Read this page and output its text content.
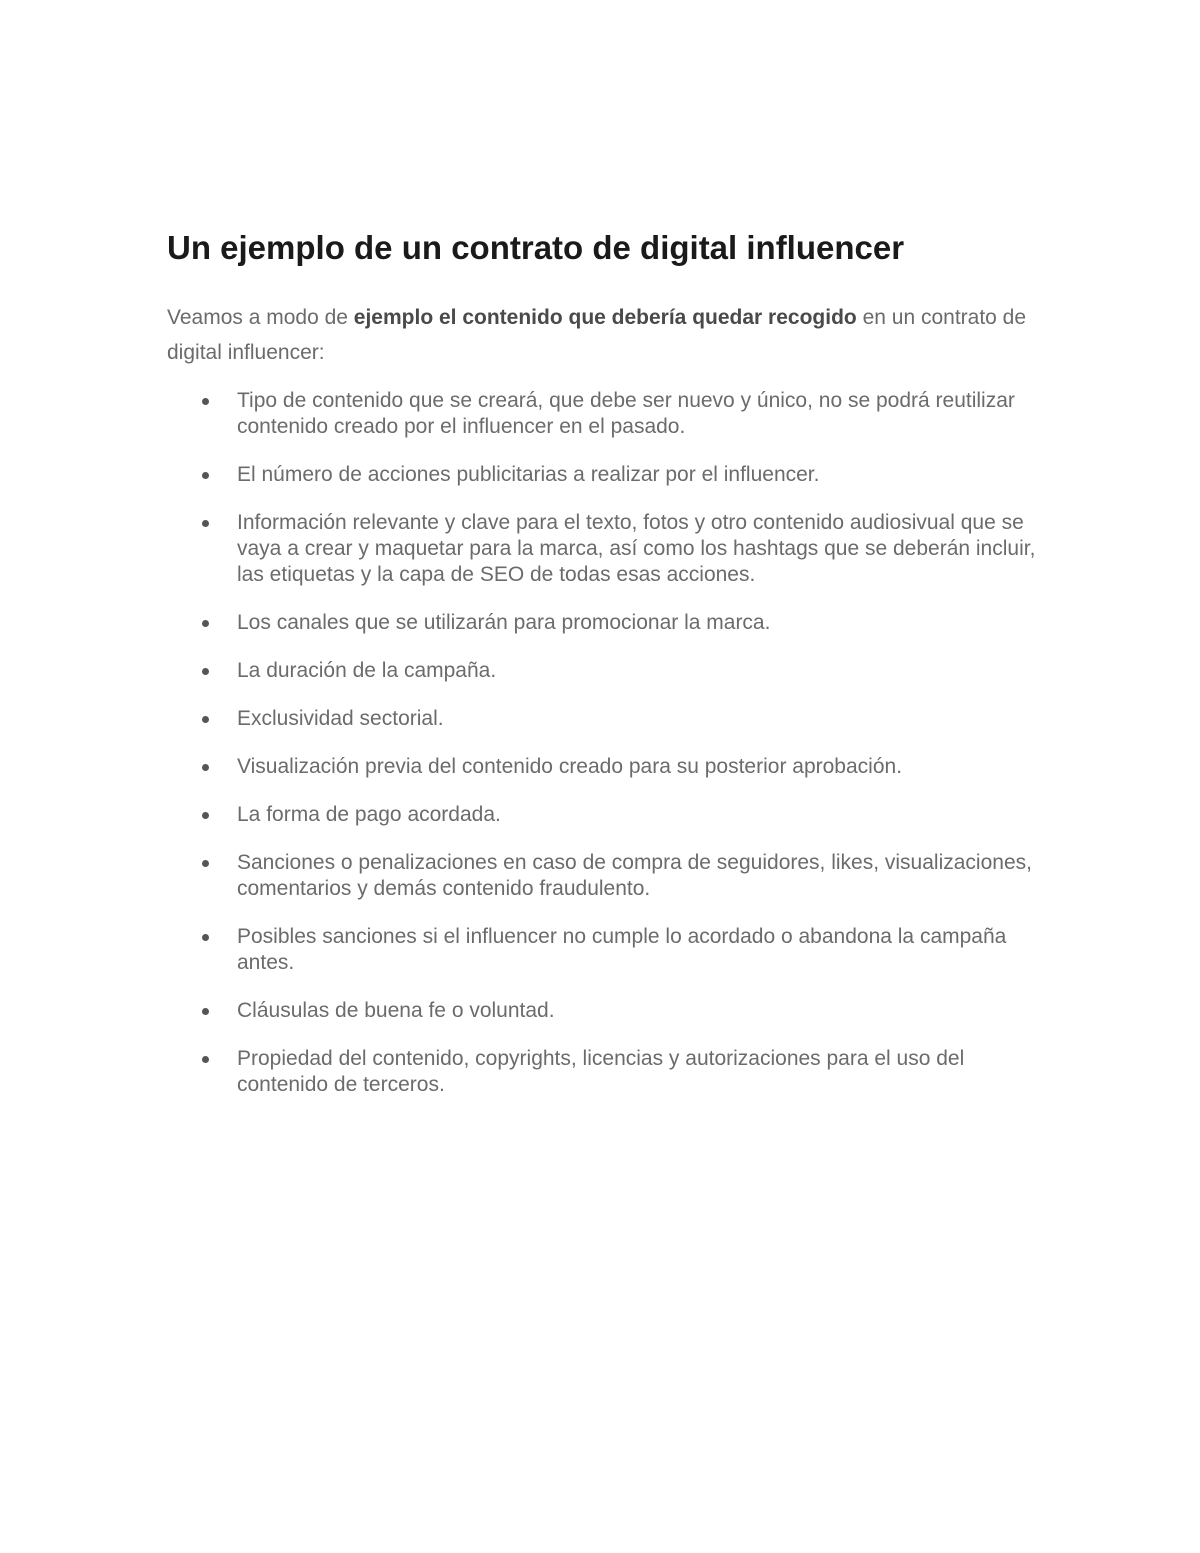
Un ejemplo de un contrato de digital influencer

Veamos a modo de ejemplo el contenido que debería quedar recogido en un contrato de digital influencer:

Tipo de contenido que se creará, que debe ser nuevo y único, no se podrá reutilizar contenido creado por el influencer en el pasado.
El número de acciones publicitarias a realizar por el influencer.
Información relevante y clave para el texto, fotos y otro contenido audiosivual que se vaya a crear y maquetar para la marca, así como los hashtags que se deberán incluir, las etiquetas y la capa de SEO de todas esas acciones.
Los canales que se utilizarán para promocionar la marca.
La duración de la campaña.
Exclusividad sectorial.
Visualización previa del contenido creado para su posterior aprobación.
La forma de pago acordada.
Sanciones o penalizaciones en caso de compra de seguidores, likes, visualizaciones, comentarios y demás contenido fraudulento.
Posibles sanciones si el influencer no cumple lo acordado o abandona la campaña antes.
Cláusulas de buena fe o voluntad.
Propiedad del contenido, copyrights, licencias y autorizaciones para el uso del contenido de terceros.
